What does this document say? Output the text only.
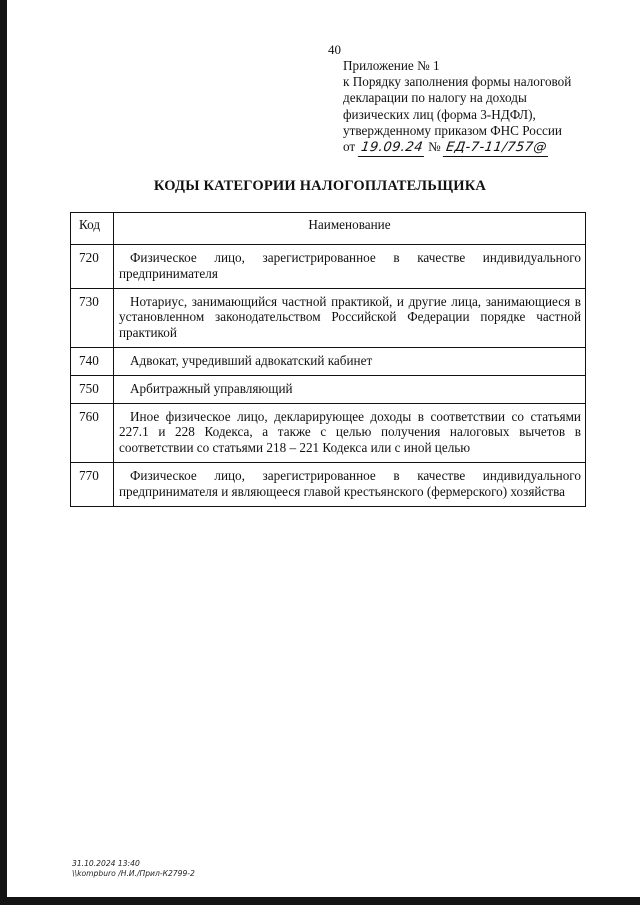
40
Приложение № 1
к Порядку заполнения формы налоговой
декларации по налогу на доходы
физических лиц (форма 3-НДФЛ),
утвержденному приказом ФНС России
от 19.09.24 № ЕД-7-11/757@
КОДЫ КАТЕГОРИИ НАЛОГОПЛАТЕЛЬЩИКА
Код	Наименование
720	Физическое лицо, зарегистрированное в качестве индивидуального предпринимателя
730	Нотариус, занимающийся частной практикой, и другие лица, занимающиеся в установленном законодательством Российской Федерации порядке частной практикой
740	Адвокат, учредивший адвокатский кабинет
750	Арбитражный управляющий
760	Иное физическое лицо, декларирующее доходы в соответствии со статьями 227.1 и 228 Кодекса, а также с целью получения налоговых вычетов в соответствии со статьями 218 – 221 Кодекса или с иной целью
770	Физическое лицо, зарегистрированное в качестве индивидуального предпринимателя и являющееся главой крестьянского (фермерского) хозяйства
31.10.2024 13:40
\\kompburo /Н.И./Прил-К2799-2
